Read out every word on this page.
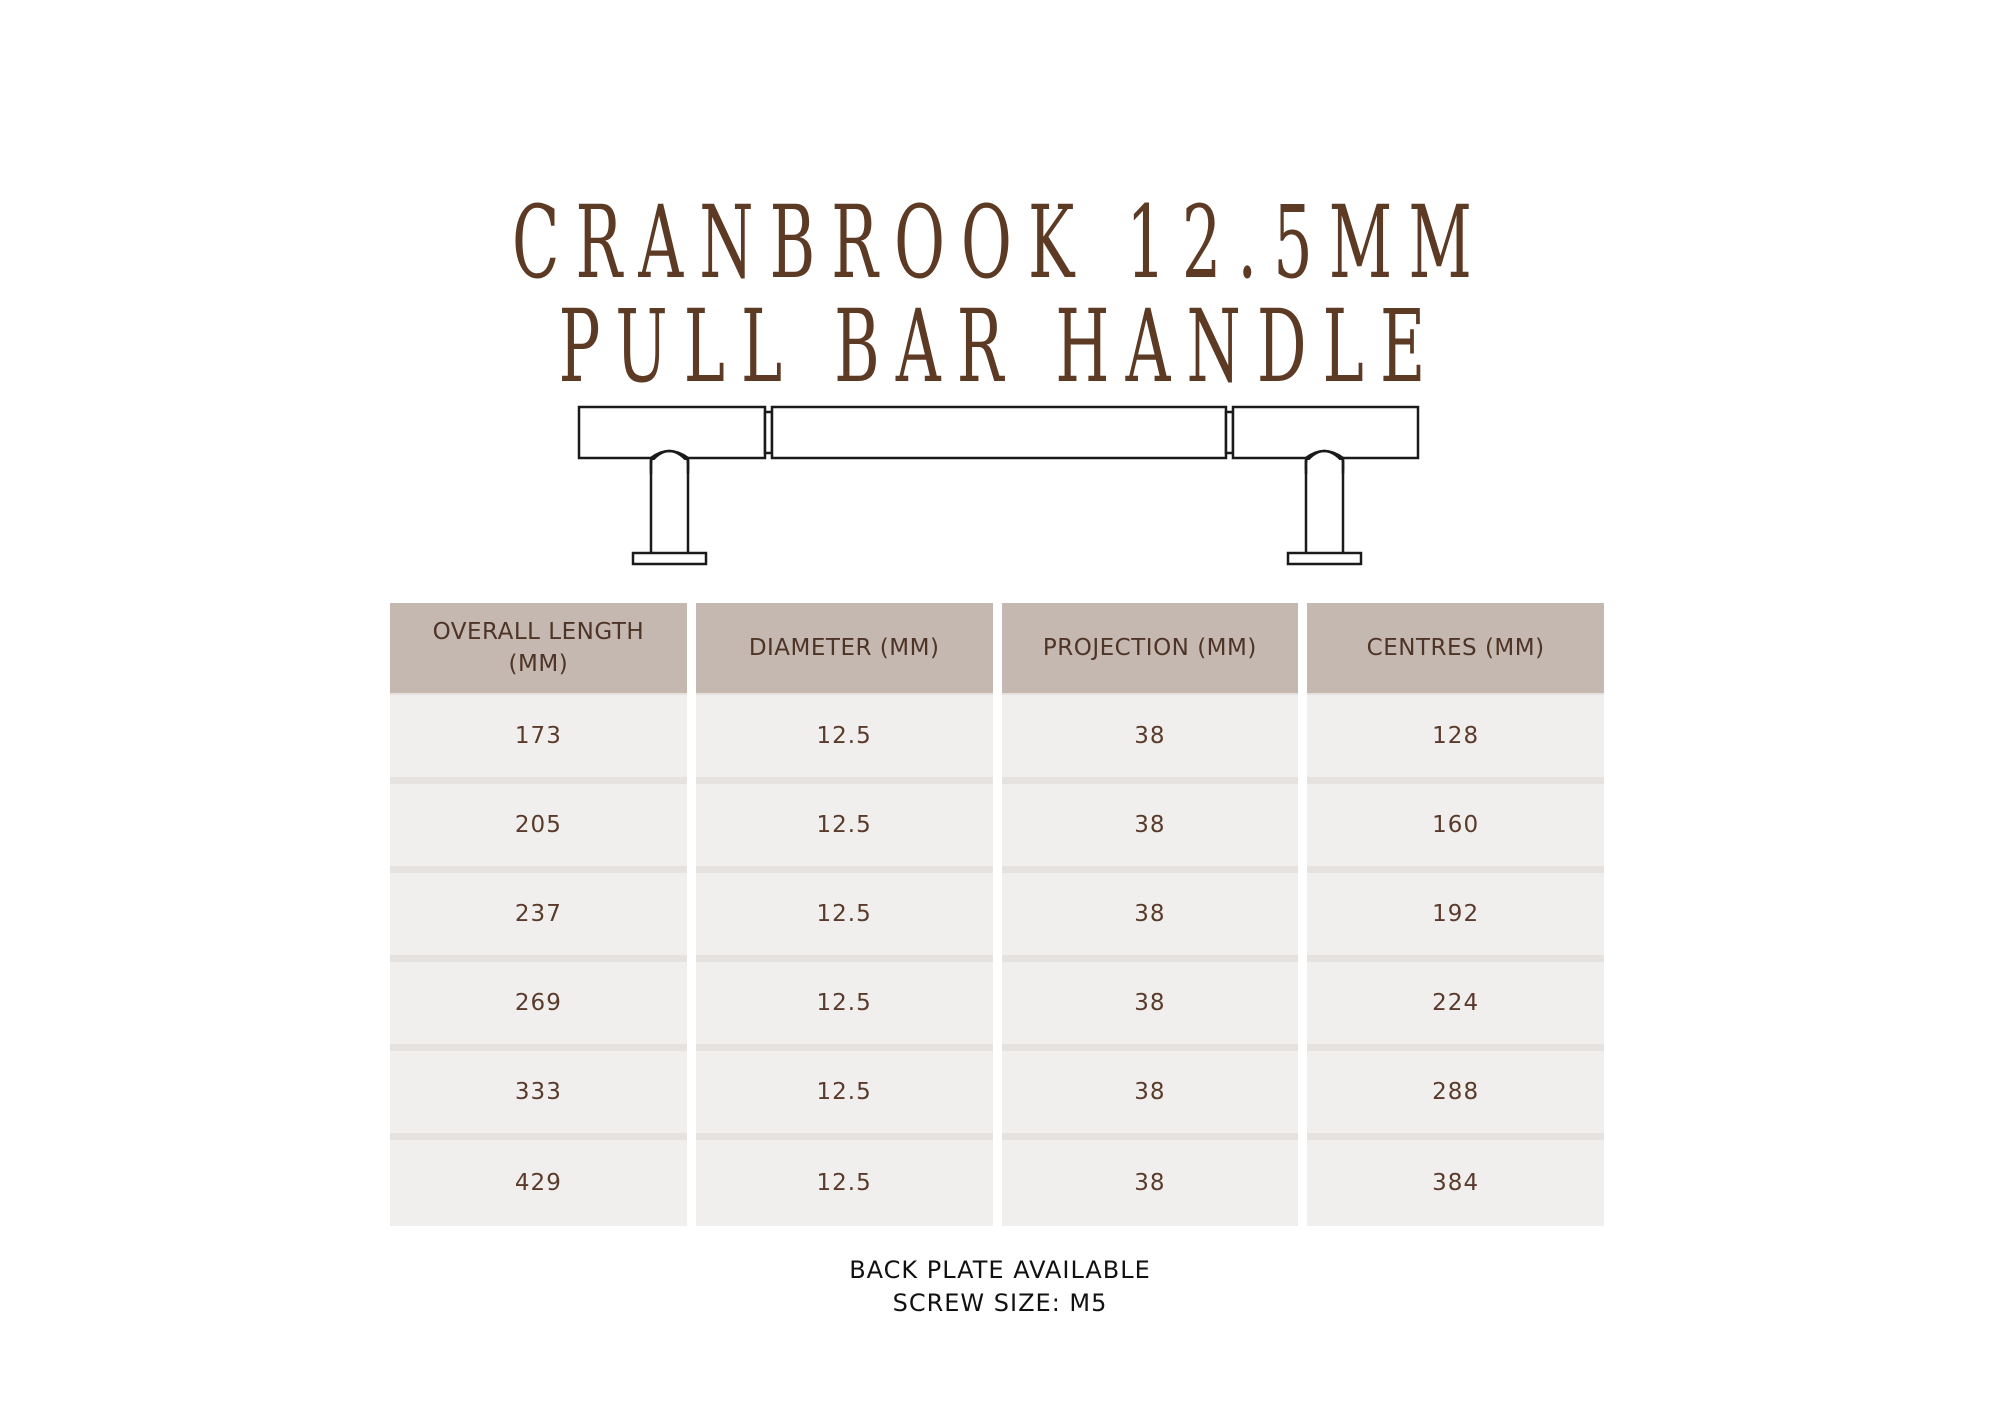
CRANBROOK 12.5MM
PULL BAR HANDLE
OVERALL LENGTH (MM)	DIAMETER (MM)	PROJECTION (MM)	CENTRES (MM)
173	12.5	38	128
205	12.5	38	160
237	12.5	38	192
269	12.5	38	224
333	12.5	38	288
429	12.5	38	384
BACK PLATE AVAILABLE
SCREW SIZE: M5
